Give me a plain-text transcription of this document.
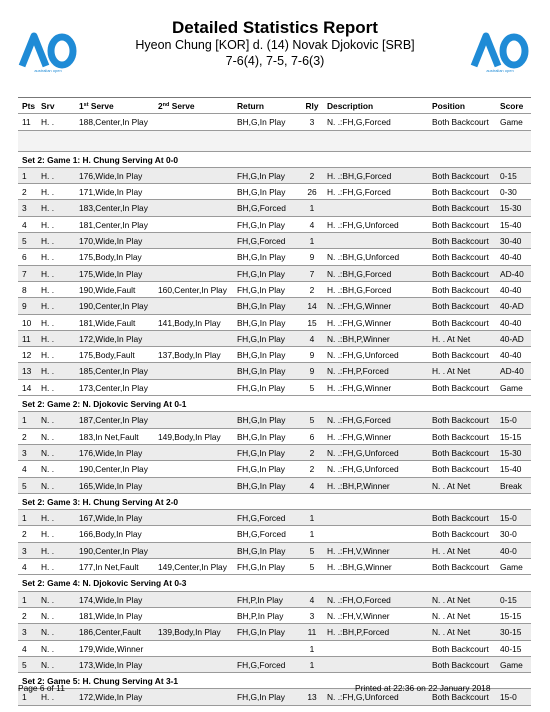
australian open	australian open
Detailed Statistics Report
Hyeon Chung [KOR] d. (14) Novak Djokovic [SRB]
7-6(4), 7-5, 7-6(3)
Pts Srv	1st Serve	2nd Serve	Return	Rly Description	Position	Score
11	H. .	188,Center,In Play	BH,G,In Play	3	N. .:FH,G,Forced	Both Backcourt Game
Set 2: Game 1: H. Chung Serving At 0-0
1	H. .	176,Wide,In Play	FH,G,In Play	2	H. .:BH,G,Forced	Both Backcourt 0-15
2	H. .	171,Wide,In Play	BH,G,In Play	26	H. .:FH,G,Forced	Both Backcourt 0-30
3	H. .	183,Center,In Play	BH,G,Forced	1	Both Backcourt 15-30
4	H. .	181,Center,In Play	FH,G,In Play	4	H. .:FH,G,Unforced	Both Backcourt 15-40
5	H. .	170,Wide,In Play	FH,G,Forced	1	Both Backcourt 30-40
6	H. .	175,Body,In Play	BH,G,In Play	9	N. .:BH,G,Unforced	Both Backcourt 40-40
7	H. .	175,Wide,In Play	FH,G,In Play	7	N. .:BH,G,Forced	Both Backcourt AD-40
8	H. .	190,Wide,Fault	160,Center,In Play FH,G,In Play	2	H. .:BH,G,Forced	Both Backcourt 40-40
9	H. .	190,Center,In Play	BH,G,In Play	14	N. .:FH,G,Winner	Both Backcourt 40-AD
10	H. .	181,Wide,Fault	141,Body,In Play BH,G,In Play	15	H. .:FH,G,Winner	Both Backcourt 40-40
11	H. .	172,Wide,In Play	FH,G,In Play	4	N. .:BH,P,Winner	H. . At Net	40-AD
12	H. .	175,Body,Fault	137,Body,In Play BH,G,In Play	9	N. .:FH,G,Unforced	Both Backcourt 40-40
13	H. .	185,Center,In Play	BH,G,In Play	9	N. .:FH,P,Forced	H. . At Net	AD-40
14	H. .	173,Center,In Play	FH,G,In Play	5	H. .:FH,G,Winner	Both Backcourt Game
Set 2: Game 2: N. Djokovic Serving At 0-1
1	N. .	187,Center,In Play	BH,G,In Play	5	N. .:FH,G,Forced	Both Backcourt 15-0
2	N. .	183,In Net,Fault 149,Body,In Play BH,G,In Play	6	H. .:FH,G,Winner	Both Backcourt 15-15
3	N. .	176,Wide,In Play	FH,G,In Play	2	N. .:FH,G,Unforced	Both Backcourt 15-30
4	N. .	190,Center,In Play	FH,G,In Play	2	N. .:FH,G,Unforced	Both Backcourt 15-40
5	N. .	165,Wide,In Play	BH,G,In Play	4	H. .:BH,P,Winner	N. . At Net	Break
Set 2: Game 3: H. Chung Serving At 2-0
1	H. .	167,Wide,In Play	FH,G,Forced	1	Both Backcourt 15-0
2	H. .	166,Body,In Play	BH,G,Forced	1	Both Backcourt 30-0
3	H. .	190,Center,In Play	BH,G,In Play	5	H. .:FH,V,Winner	H. . At Net	40-0
4	H. .	177,In Net,Fault 149,Center,In Play FH,G,In Play	5	H. .:BH,G,Winner	Both Backcourt Game
Set 2: Game 4: N. Djokovic Serving At 0-3
1	N. .	174,Wide,In Play	FH,P,In Play	4	N. .:FH,O,Forced	N. . At Net	0-15
2	N. .	181,Wide,In Play	BH,P,In Play	3	N. .:FH,V,Winner	N. . At Net	15-15
3	N. .	186,Center,Fault 139,Body,In Play FH,G,In Play	11	H. .:BH,P,Forced	N. . At Net	30-15
4	N. .	179,Wide,Winner	1	Both Backcourt 40-15
5	N. .	173,Wide,In Play	FH,G,Forced	1	Both Backcourt Game
Set 2: Game 5: H. Chung Serving At 3-1
1	H. .	172,Wide,In Play	FH,G,In Play	13	N. .:FH,G,Unforced	Both Backcourt 15-0
Page 6 of 11	Printed at 22:36 on 22 January 2018
